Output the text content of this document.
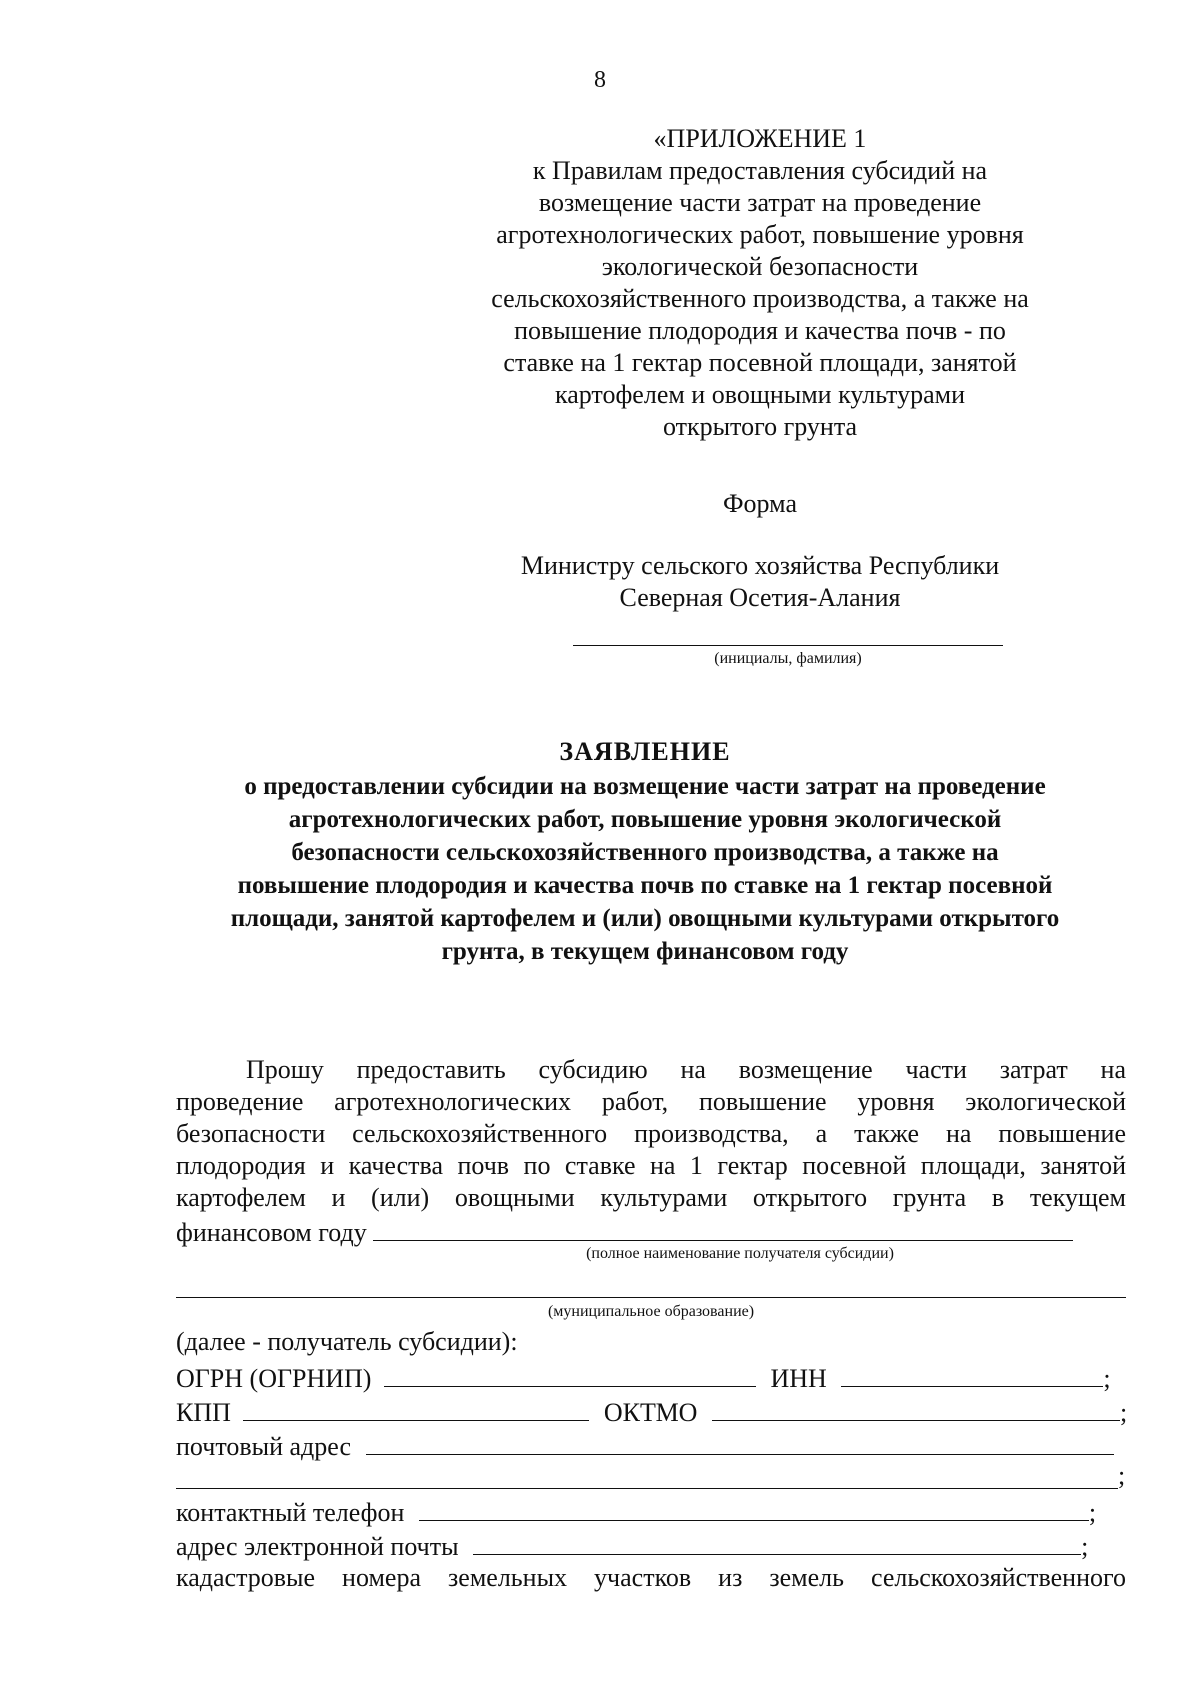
8
«ПРИЛОЖЕНИЕ 1
к Правилам предоставления субсидий на
возмещение части затрат на проведение
агротехнологических работ, повышение уровня
экологической безопасности
сельскохозяйственного производства, а также на
повышение плодородия и качества почв - по
ставке на 1 гектар посевной площади, занятой
картофелем и овощными культурами
открытого грунта
Форма
Министру сельского хозяйства Республики
Северная Осетия-Алания
(инициалы, фамилия)
ЗАЯВЛЕНИЕ
о предоставлении субсидии на возмещение части затрат на проведение
агротехнологических работ, повышение уровня экологической
безопасности сельскохозяйственного производства, а также на
повышение плодородия и качества почв по ставке на 1 гектар посевной
площади, занятой картофелем и (или) овощными культурами открытого
грунта, в текущем финансовом году
Прошу предоставить субсидию на возмещение части затрат на
проведение агротехнологических работ, повышение уровня экологической
безопасности сельскохозяйственного производства, а также на повышение
плодородия и качества почв по ставке на 1 гектар посевной площади, занятой
картофелем и (или) овощными культурами открытого грунта в текущем
финансовом году
(полное наименование получателя субсидии)
(муниципальное образование)
(далее - получатель субсидии):
ОГРН (ОГРНИП)	ИНН	;
КПП	ОКТМО	;
почтовый адрес
;
контактный телефон	;
адрес электронной почты	;
кадастровые номера земельных участков из земель сельскохозяйственного
